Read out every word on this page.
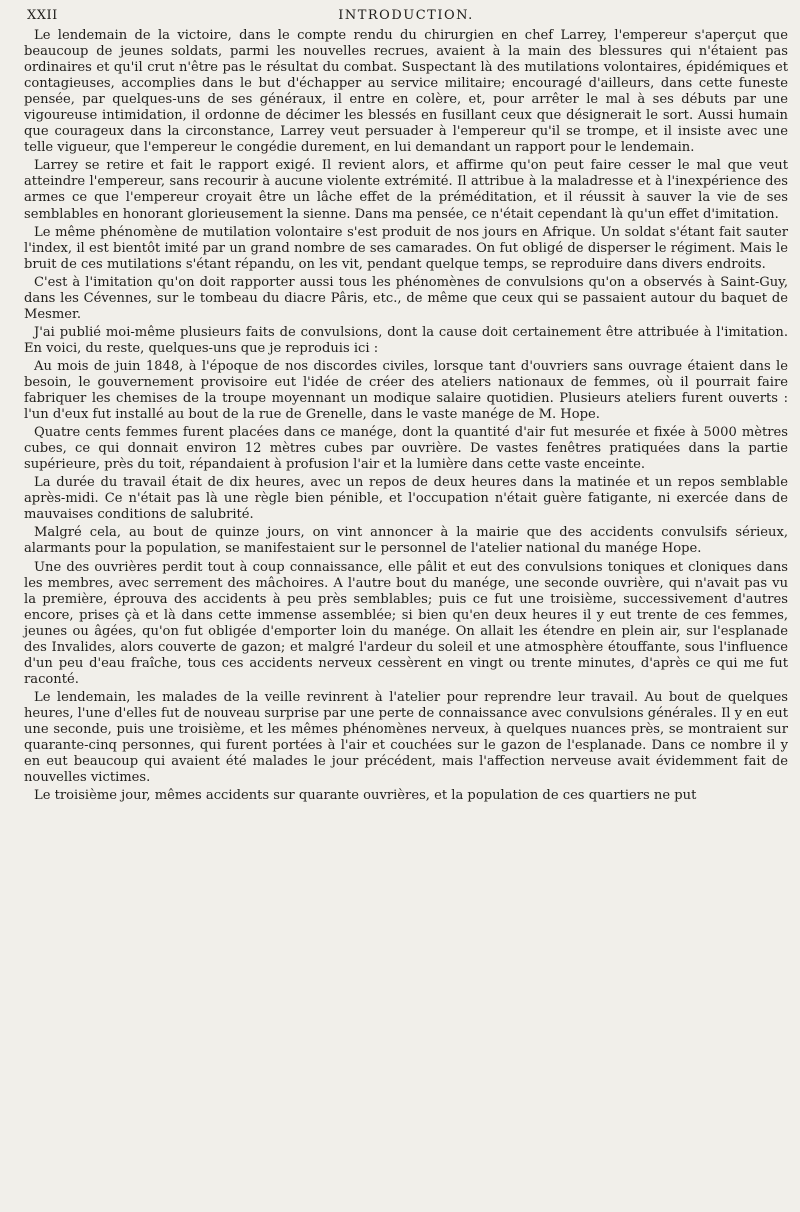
XXII	INTRODUCTION.

Le lendemain de la victoire, dans le compte rendu du chirurgien en chef Larrey, l'empereur s'aperçut que beaucoup de jeunes soldats, parmi les nouvelles recrues, avaient à la main des blessures qui n'étaient pas ordinaires et qu'il crut n'être pas le résultat du combat. Suspectant là des mutilations volontaires, épidémiques et contagieuses, accomplies dans le but d'échapper au service militaire; encouragé d'ailleurs, dans cette funeste pensée, par quelques-uns de ses généraux, il entre en colère, et, pour arrêter le mal à ses débuts par une vigoureuse intimidation, il ordonne de décimer les blessés en fusillant ceux que désignerait le sort. Aussi humain que courageux dans la circonstance, Larrey veut persuader à l'empereur qu'il se trompe, et il insiste avec une telle vigueur, que l'empereur le congédie durement, en lui demandant un rapport pour le lendemain.

Larrey se retire et fait le rapport exigé. Il revient alors, et affirme qu'on peut faire cesser le mal que veut atteindre l'empereur, sans recourir à aucune violente extrémité. Il attribue à la maladresse et à l'inexpérience des armes ce que l'empereur croyait être un lâche effet de la préméditation, et il réussit à sauver la vie de ses semblables en honorant glorieusement la sienne. Dans ma pensée, ce n'était cependant là qu'un effet d'imitation.

Le même phénomène de mutilation volontaire s'est produit de nos jours en Afrique. Un soldat s'étant fait sauter l'index, il est bientôt imité par un grand nombre de ses camarades. On fut obligé de disperser le régiment. Mais le bruit de ces mutilations s'étant répandu, on les vit, pendant quelque temps, se reproduire dans divers endroits.

C'est à l'imitation qu'on doit rapporter aussi tous les phénomènes de convulsions qu'on a observés à Saint-Guy, dans les Cévennes, sur le tombeau du diacre Pâris, etc., de même que ceux qui se passaient autour du baquet de Mesmer.

J'ai publié moi-même plusieurs faits de convulsions, dont la cause doit certainement être attribuée à l'imitation. En voici, du reste, quelques-uns que je reproduis ici :

Au mois de juin 1848, à l'époque de nos discordes civiles, lorsque tant d'ouvriers sans ouvrage étaient dans le besoin, le gouvernement provisoire eut l'idée de créer des ateliers nationaux de femmes, où il pourrait faire fabriquer les chemises de la troupe moyennant un modique salaire quotidien. Plusieurs ateliers furent ouverts : l'un d'eux fut installé au bout de la rue de Grenelle, dans le vaste manége de M. Hope.

Quatre cents femmes furent placées dans ce manége, dont la quantité d'air fut mesurée et fixée à 5000 mètres cubes, ce qui donnait environ 12 mètres cubes par ouvrière. De vastes fenêtres pratiquées dans la partie supérieure, près du toit, répandaient à profusion l'air et la lumière dans cette vaste enceinte.

La durée du travail était de dix heures, avec un repos de deux heures dans la matinée et un repos semblable après-midi. Ce n'était pas là une règle bien pénible, et l'occupation n'était guère fatigante, ni exercée dans de mauvaises conditions de salubrité.

Malgré cela, au bout de quinze jours, on vint annoncer à la mairie que des accidents convulsifs sérieux, alarmants pour la population, se manifestaient sur le personnel de l'atelier national du manége Hope.

Une des ouvrières perdit tout à coup connaissance, elle pâlit et eut des convulsions toniques et cloniques dans les membres, avec serrement des mâchoires. A l'autre bout du manége, une seconde ouvrière, qui n'avait pas vu la première, éprouva des accidents à peu près semblables; puis ce fut une troisième, successivement d'autres encore, prises çà et là dans cette immense assemblée; si bien qu'en deux heures il y eut trente de ces femmes, jeunes ou âgées, qu'on fut obligée d'emporter loin du manége. On allait les étendre en plein air, sur l'esplanade des Invalides, alors couverte de gazon; et malgré l'ardeur du soleil et une atmosphère étouffante, sous l'influence d'un peu d'eau fraîche, tous ces accidents nerveux cessèrent en vingt ou trente minutes, d'après ce qui me fut raconté.

Le lendemain, les malades de la veille revinrent à l'atelier pour reprendre leur travail. Au bout de quelques heures, l'une d'elles fut de nouveau surprise par une perte de connaissance avec convulsions générales. Il y en eut une seconde, puis une troisième, et les mêmes phénomènes nerveux, à quelques nuances près, se montraient sur quarante-cinq personnes, qui furent portées à l'air et couchées sur le gazon de l'esplanade. Dans ce nombre il y en eut beaucoup qui avaient été malades le jour précédent, mais l'affection nerveuse avait évidemment fait de nouvelles victimes.

Le troisième jour, mêmes accidents sur quarante ouvrières, et la population de ces quartiers ne put
